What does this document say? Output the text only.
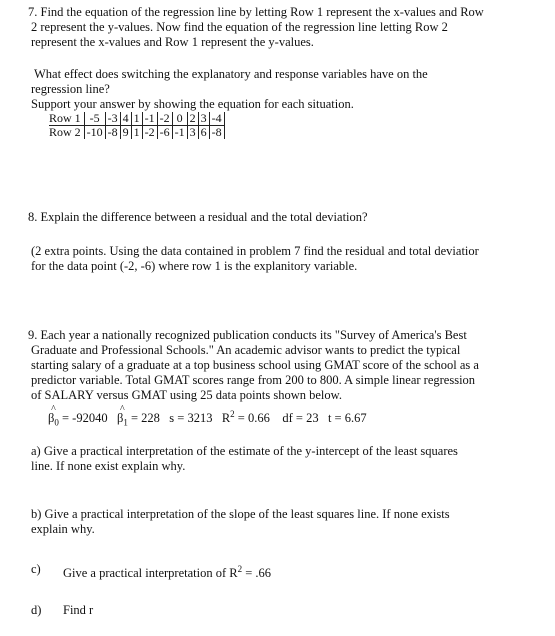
7. Find the equation of the regression line by letting Row 1 represent the x-values and Row
2 represent the y-values. Now find the equation of the regression line letting Row 2
represent the x-values and Row 1 represent the y-values.
What effect does switching the explanatory and response variables have on the
regression line?
Support your answer by showing the equation for each situation.
Row 1	-5	-3	4	1	-1	-2	0	2	3	-4
Row 2	-10	-8	9	1	-2	-6	-1	3	6	-8
8. Explain the difference between a residual and the total deviation?
(2 extra points. Using the data contained in problem 7 find the residual and total deviatior
for the data point (-2, -6) where row 1 is the explanitory variable.
9. Each year a nationally recognized publication conducts its "Survey of America's Best
Graduate and Professional Schools." An academic advisor wants to predict the typical
starting salary of a graduate at a top business school using GMAT score of the school as a
predictor variable. Total GMAT scores range from 200 to 800. A simple linear regression
of SALARY versus GMAT using 25 data points shown below.
^ $\beta_0 = -92040$ ^ $\beta_1 = 228$ s = 3213 $R^2 = 0.66$ df = 23 t = 6.67
a) Give a practical interpretation of the estimate of the y-intercept of the least squares
line. If none exist explain why.
b) Give a practical interpretation of the slope of the least squares line. If none exists
explain why.
c) Give a practical interpretation of $R^2 = .66$
d) Find r
